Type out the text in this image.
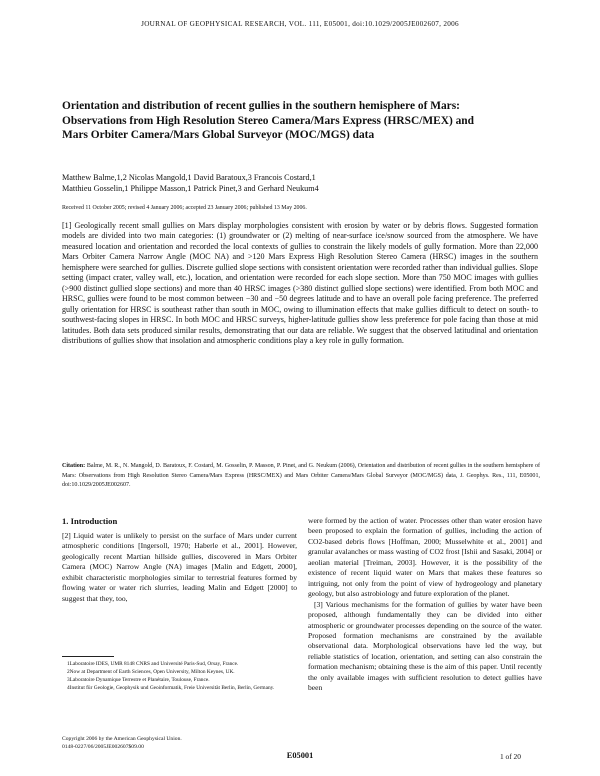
JOURNAL OF GEOPHYSICAL RESEARCH, VOL. 111, E05001, doi:10.1029/2005JE002607, 2006
Orientation and distribution of recent gullies in the southern hemisphere of Mars: Observations from High Resolution Stereo Camera/Mars Express (HRSC/MEX) and Mars Orbiter Camera/Mars Global Surveyor (MOC/MGS) data
Matthew Balme,1,2 Nicolas Mangold,1 David Baratoux,3 Francois Costard,1
Matthieu Gosselin,1 Philippe Masson,1 Patrick Pinet,3 and Gerhard Neukum4
Received 11 October 2005; revised 4 January 2006; accepted 23 January 2006; published 13 May 2006.
[1] Geologically recent small gullies on Mars display morphologies consistent with erosion by water or by debris flows. Suggested formation models are divided into two main categories: (1) groundwater or (2) melting of near-surface ice/snow sourced from the atmosphere. We have measured location and orientation and recorded the local contexts of gullies to constrain the likely models of gully formation. More than 22,000 Mars Orbiter Camera Narrow Angle (MOC NA) and >120 Mars Express High Resolution Stereo Camera (HRSC) images in the southern hemisphere were searched for gullies. Discrete gullied slope sections with consistent orientation were recorded rather than individual gullies. Slope setting (impact crater, valley wall, etc.), location, and orientation were recorded for each slope section. More than 750 MOC images with gullies (>900 distinct gullied slope sections) and more than 40 HRSC images (>380 distinct gullied slope sections) were identified. From both MOC and HRSC, gullies were found to be most common between −30 and −50 degrees latitude and to have an overall pole facing preference. The preferred gully orientation for HRSC is southeast rather than south in MOC, owing to illumination effects that make gullies difficult to detect on south- to southwest-facing slopes in HRSC. In both MOC and HRSC surveys, higher-latitude gullies show less preference for pole facing than those at mid latitudes. Both data sets produced similar results, demonstrating that our data are reliable. We suggest that the observed latitudinal and orientation distributions of gullies show that insolation and atmospheric conditions play a key role in gully formation.
Citation: Balme, M. R., N. Mangold, D. Baratoux, F. Costard, M. Gosselin, P. Masson, P. Pinet, and G. Neukum (2006), Orientation and distribution of recent gullies in the southern hemisphere of Mars: Observations from High Resolution Stereo Camera/Mars Express (HRSC/MEX) and Mars Orbiter Camera/Mars Global Surveyor (MOC/MGS) data, J. Geophys. Res., 111, E05001, doi:10.1029/2005JE002607.
1. Introduction
[2] Liquid water is unlikely to persist on the surface of Mars under current atmospheric conditions [Ingersoll, 1970; Haberle et al., 2001]. However, geologically recent Martian hillside gullies, discovered in Mars Orbiter Camera (MOC) Narrow Angle (NA) images [Malin and Edgett, 2000], exhibit characteristic morphologies similar to terrestrial features formed by flowing water or water rich slurries, leading Malin and Edgett [2000] to suggest that they, too,
were formed by the action of water. Processes other than water erosion have been proposed to explain the formation of gullies, including the action of CO2-based debris flows [Hoffman, 2000; Musselwhite et al., 2001] and granular avalanches or mass wasting of CO2 frost [Ishii and Sasaki, 2004] or aeolian material [Treiman, 2003]. However, it is the possibility of the existence of recent liquid water on Mars that makes these features so intriguing, not only from the point of view of hydrogeology and planetary geology, but also astrobiology and future exploration of the planet.
[3] Various mechanisms for the formation of gullies by water have been proposed, although fundamentally they can be divided into either atmospheric or groundwater processes depending on the source of the water. Proposed formation mechanisms are constrained by the available observational data. Morphological observations have led the way, but reliable statistics of location, orientation, and setting can also constrain the formation mechanism; obtaining these is the aim of this paper. Until recently the only available images with sufficient resolution to detect gullies have been
1Laboratoire IDES, UMR 8148 CNRS and Université Paris-Sud, Orsay, France.
2Now at Department of Earth Sciences, Open University, Milton Keynes, UK.
3Laboratoire Dynamique Terrestre et Planétaire, Toulouse, France.
4Institut für Geologie, Geophysik und Geoinformatik, Freie Universität Berlin, Berlin, Germany.
Copyright 2006 by the American Geophysical Union.
0148-0227/06/2005JE002607$09.00
E05001	1 of 20
